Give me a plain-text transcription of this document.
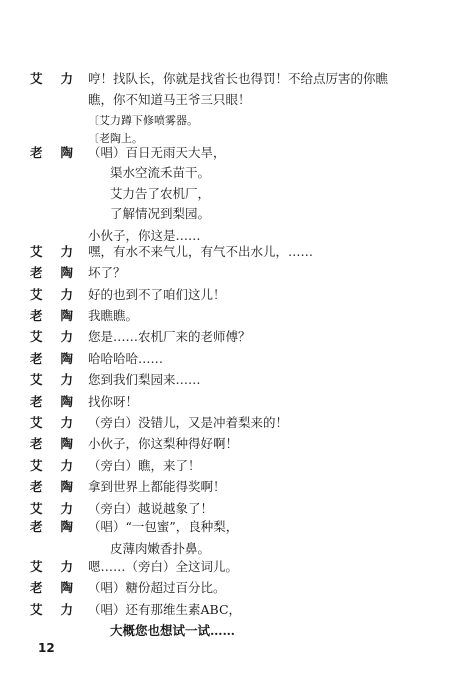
12
艾力
哼！找队长，你就是找省长也得罚！不给点厉害的你瞧
瞧，你不知道马王爷三只眼！
〔艾力蹲下修喷雾器。
〔老陶上。
老陶
（唱）百日无雨天大旱，
渠水空流禾苗干。
艾力告了农机厂，
了解情况到梨园。
小伙子，你这是……
艾力
嘿，有水不来气儿，有气不出水儿，……
老陶
坏了？
艾力
好的也到不了咱们这儿！
老陶
我瞧瞧。
艾力
您是……农机厂来的老师傅？
老陶
哈哈哈哈……
艾力
您到我们梨园来……
老陶
找你呀！
艾力
（旁白）没错儿，又是冲着梨来的！
老陶
小伙子，你这梨种得好啊！
艾力
（旁白）瞧，来了！
老陶
拿到世界上都能得奖啊！
艾力
（旁白）越说越象了！
老陶
（唱）“一包蜜”，良种梨，
皮薄肉嫩香扑鼻。
艾力
嗯……（旁白）全这词儿。
老陶
（唱）糖份超过百分比。
艾力
（唱）还有那维生素ABC，
大概您也想试一试……
